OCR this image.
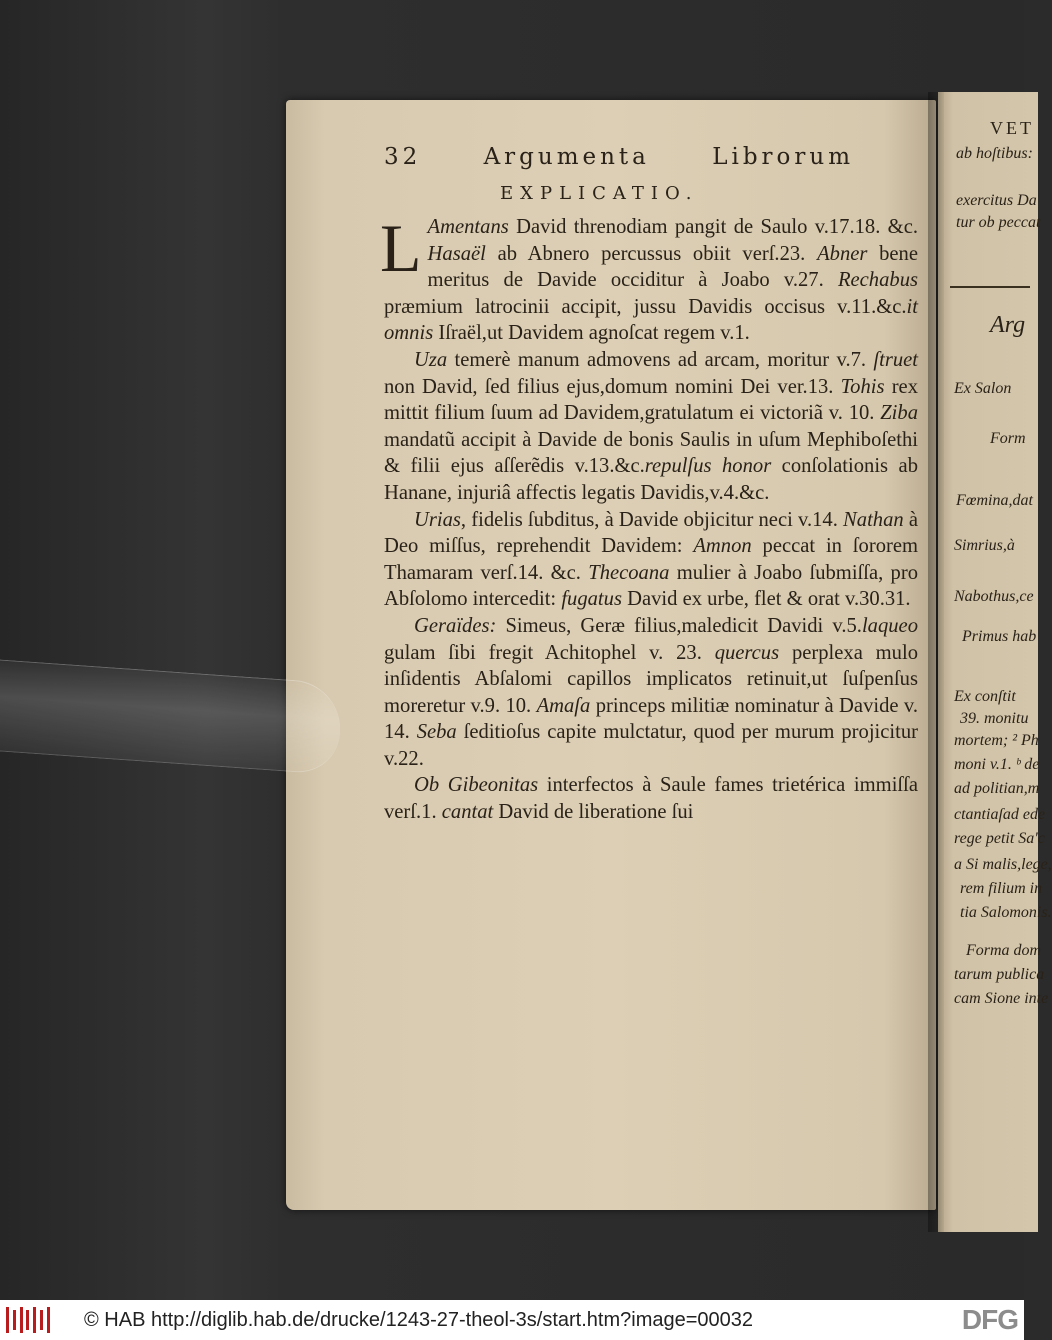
32	Argumenta	Librorum
EXPLICATIO.

L Amentans David threnodiam pangit de Saulo v.17.18. &c. Hasaël ab Abnero percussus obiit verſ.23. Abner bene meritus de Davide occiditur à Joabo v.27. Rechabus præmium latrocinii accipit, jussu Davidis occisus v.11.&c.it omnis Iſraël,ut Davidem agnoſcat regem v.1.

Uza temerè manum admovens ad arcam, moritur v.7. ſtruet non David, ſed filius ejus,domum nomini Dei ver.13. Tohis rex mittit filium ſuum ad Davidem,gratulatum ei victoriã v. 10. Ziba mandatũ accipit à Davide de bonis Saulis in uſum Mephiboſethi & filii ejus aſſerẽdis v.13.&c.repulſus honor conſolationis ab Hanane, injuriâ affectis legatis Davidis,v.4.&c.

Urias, fidelis ſubditus, à Davide objicitur neci v.14. Nathan à Deo miſſus, reprehendit Davidem: Amnon peccat in ſororem Thamaram verſ.14. &c. Thecoana mulier à Joabo ſubmiſſa, pro Abſolomo intercedit: fugatus David ex urbe, flet & orat v.30.31.

Geraïdes: Simeus, Geræ filius,maledicit Davidi v.5.laqueo gulam ſibi fregit Achitophel v. 23. quercus perplexa mulo inſidentis Abſalomi capillos implicatos retinuit,ut ſuſpenſus moreretur v.9. 10. Amaſa princeps militiæ nominatur à Davide v. 14. Seba ſeditioſus capite mulctatur, quod per murum projicitur v.22.

Ob Gibeonitas interfectos à Saule fames trietérica immiſſa verſ.1. cantat David de liberatione ſui

VET
ab hoſtibus:
exercitus Da
tur ob peccat
Arg
Ex Salon
Form
Fœmina,dat
Simrius,à
Nabothus,ce
Primus hab
Ex conſtit
39. monitu
mortem; ² Ph
moni v.1. ᵇ de
ad politian,m
ctantiaſad ede
rege petit Sa'c
a Si malis,lege,
rem filium in
tia Salomonis.
Forma dom
tarum publica
cam Sione inte
© HAB http://diglib.hab.de/drucke/1243-27-theol-3s/start.htm?image=00032	DFG
